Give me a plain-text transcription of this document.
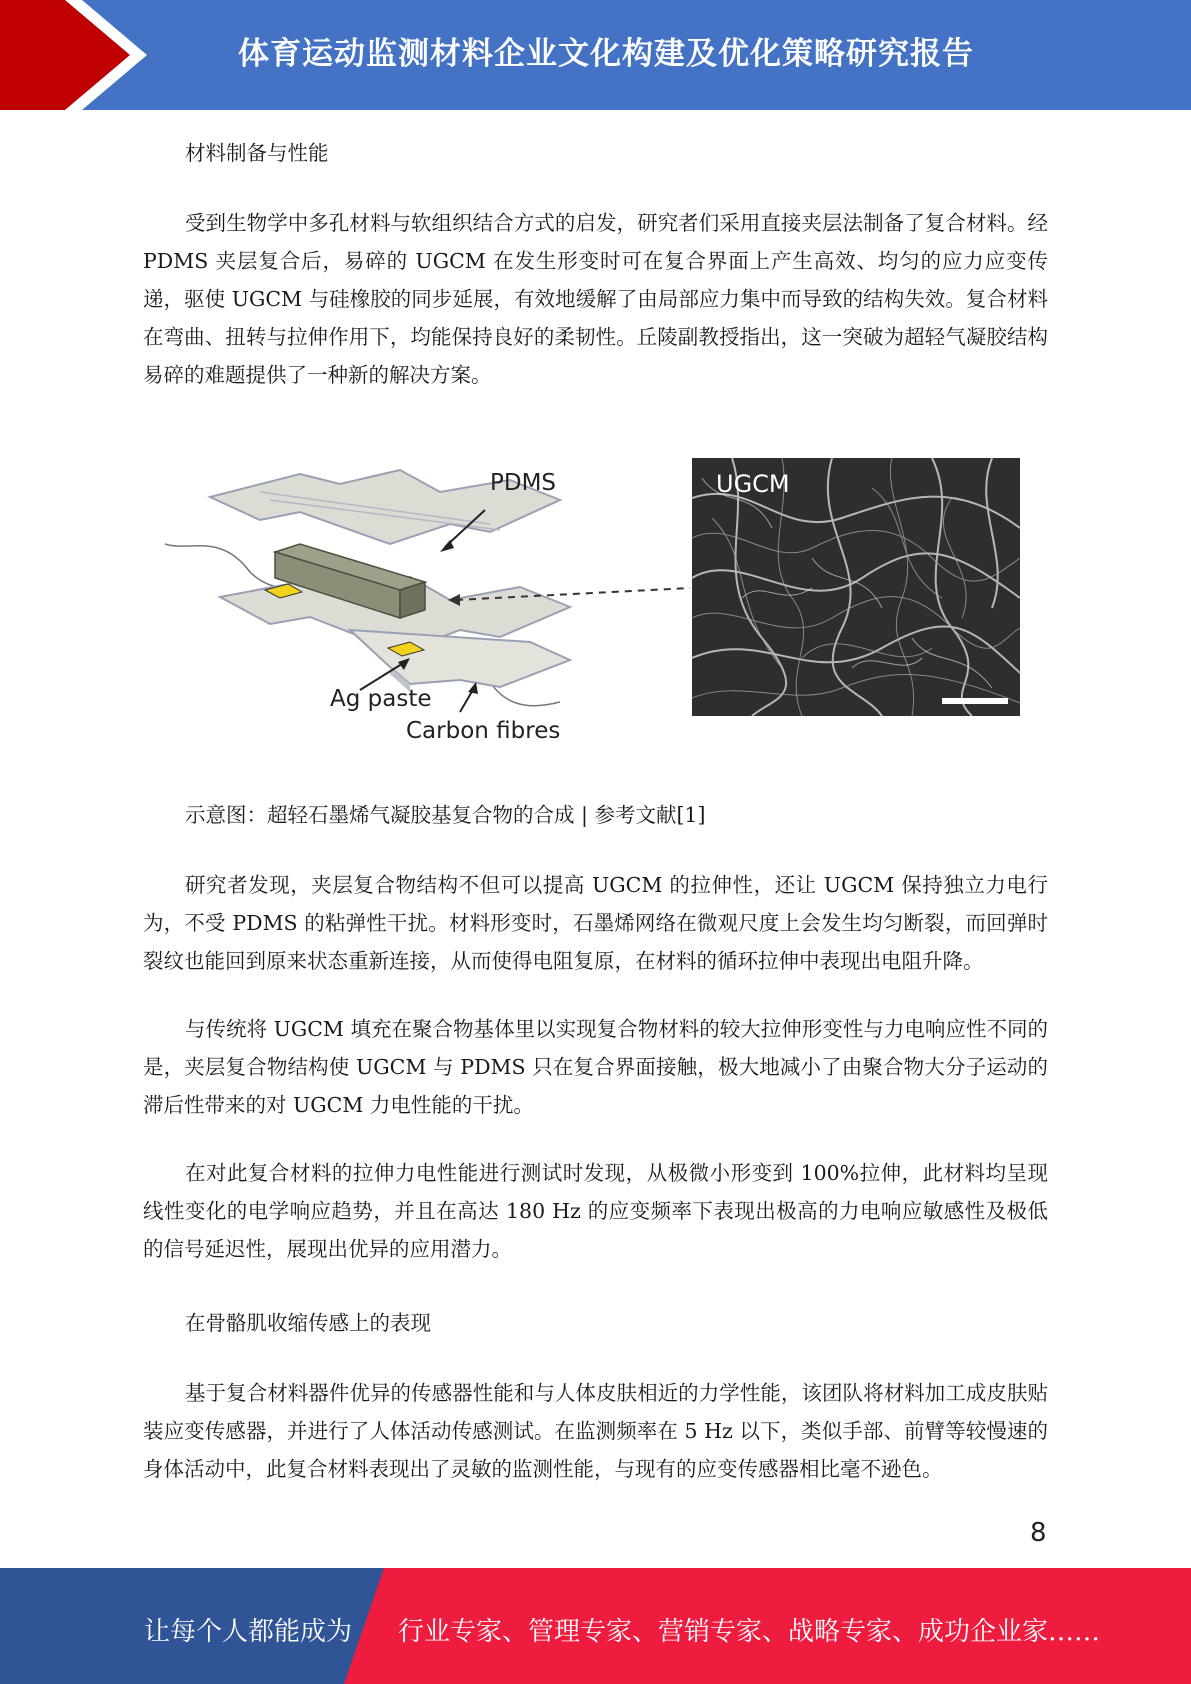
体育运动监测材料企业文化构建及优化策略研究报告

材料制备与性能

受到生物学中多孔材料与软组织结合方式的启发，研究者们采用直接夹层法制备了复合材料。经 PDMS 夹层复合后，易碎的 UGCM 在发生形变时可在复合界面上产生高效、均匀的应力应变传递，驱使 UGCM 与硅橡胶的同步延展，有效地缓解了由局部应力集中而导致的结构失效。复合材料在弯曲、扭转与拉伸作用下，均能保持良好的柔韧性。丘陵副教授指出，这一突破为超轻气凝胶结构易碎的难题提供了一种新的解决方案。

示意图：超轻石墨烯气凝胶基复合物的合成 | 参考文献[1]

研究者发现，夹层复合物结构不但可以提高 UGCM 的拉伸性，还让 UGCM 保持独立力电行为，不受 PDMS 的粘弹性干扰。材料形变时，石墨烯网络在微观尺度上会发生均匀断裂，而回弹时裂纹也能回到原来状态重新连接，从而使得电阻复原，在材料的循环拉伸中表现出电阻升降。

与传统将 UGCM 填充在聚合物基体里以实现复合物材料的较大拉伸形变性与力电响应性不同的是，夹层复合物结构使 UGCM 与 PDMS 只在复合界面接触，极大地减小了由聚合物大分子运动的滞后性带来的对 UGCM 力电性能的干扰。

在对此复合材料的拉伸力电性能进行测试时发现，从极微小形变到 100%拉伸，此材料均呈现线性变化的电学响应趋势，并且在高达 180 Hz 的应变频率下表现出极高的力电响应敏感性及极低的信号延迟性，展现出优异的应用潜力。

在骨骼肌收缩传感上的表现

基于复合材料器件优异的传感器性能和与人体皮肤相近的力学性能，该团队将材料加工成皮肤贴装应变传感器，并进行了人体活动传感测试。在监测频率在 5 Hz 以下，类似手部、前臂等较慢速的身体活动中，此复合材料表现出了灵敏的监测性能，与现有的应变传感器相比毫不逊色。

PDMS
Ag paste
Carbon fibres
UGCM
8
让每个人都能成为 行业专家、管理专家、营销专家、战略专家、成功企业家……
